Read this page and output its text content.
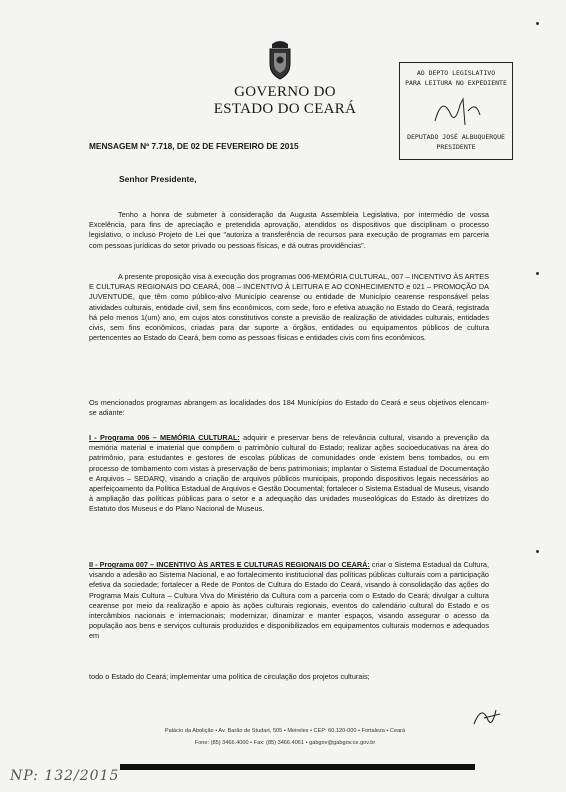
GOVERNO DO
ESTADO DO CEARÁ
AO DEPTO LEGISLATIVO
PARA LEITURA NO EXPEDIENTE
DEPUTADO JOSÉ ALBUQUERQUE
PRESIDENTE
MENSAGEM Nº 7.718, DE 02 DE FEVEREIRO DE 2015
Senhor Presidente,

Tenho a honra de submeter à consideração da Augusta Assembleia Legislativa, por intermédio de vossa Excelência, para fins de apreciação e pretendida aprovação, atendidos os dispositivos que disciplinam o processo legislativo, o incluso Projeto de Lei que "autoriza a transferência de recursos para execução de programas em parceria com pessoas jurídicas do setor privado ou pessoas físicas, e dá outras providências".

A presente proposição visa à execução dos programas 006-MEMÓRIA CULTURAL, 007 – INCENTIVO ÀS ARTES E CULTURAS REGIONAIS DO CEARÁ, 008 – INCENTIVO À LEITURA E AO CONHECIMENTO e 021 – PROMOÇÃO DA JUVENTUDE, que têm como público-alvo Município cearense ou entidade de Município cearense responsável pelas atividades culturais, entidade civil, sem fins econômicos, com sede, foro e efetiva atuação no Estado do Ceará, registrada há pelo menos 1(um) ano, em cujos atos constitutivos conste a previsão de realização de atividades culturais, entidades civis, sem fins econômicos, criadas para dar suporte a órgãos, entidades ou equipamentos públicos de cultura pertencentes ao Estado do Ceará, bem como as pessoas físicas e entidades civis com fins econômicos.

Os mencionados programas abrangem as localidades dos 184 Municípios do Estado do Ceará e seus objetivos elencam-se adiante:

I - Programa 006 – MEMÓRIA CULTURAL: adquirir e preservar bens de relevância cultural, visando a prevenção da memória material e imaterial que compõem o patrimônio cultural do Estado; realizar ações socioeducativas na área do patrimônio, para estudantes e gestores de escolas públicas de comunidades onde existem bens tombados, ou em processo de tombamento com vistas à preservação de bens patrimoniais; implantar o Sistema Estadual de Documentação e Arquivos – SEDARQ, visando a criação de arquivos públicos municipais, propondo dispositivos legais necessários ao aperfeiçoamento da Política Estadual de Arquivos e Gestão Documental; fortalecer o Sistema Estadual de Museus, visando à ampliação das políticas públicas para o setor e a adequação das unidades museológicas do Estado às diretrizes do Estatuto dos Museus e do Plano Nacional de Museus.

II - Programa 007 – INCENTIVO ÀS ARTES E CULTURAS REGIONAIS DO CEARÁ: criar o Sistema Estadual da Cultura, visando a adesão ao Sistema Nacional, e ao fortalecimento institucional das políticas públicas culturais com a participação efetiva da sociedade; fortalecer a Rede de Pontos de Cultura do Estado do Ceará, visando à consolidação das ações do Programa Mais Cultura – Cultura Viva do Ministério da Cultura com a parceria com o Estado do Ceará; divulgar a cultura cearense por meio da realização e apoio às ações culturais regionais, eventos do calendário cultural do Estado e os intercâmbios nacionais e internacionais; modernizar, dinamizar e manter espaços, visando assegurar o acesso da população aos bens e serviços culturais produzidos e disponibilizados em equipamentos culturais modernos e adequados em

todo o Estado do Ceará; implementar uma política de circulação dos projetos culturais;

Palácio da Abolição • Av. Barão de Studart, 505 • Meireles • CEP: 60.120-000 • Fortaleza • Ceará
Fone: (85) 3466.4000 • Fax: (85) 3466.4061 • gabgov@gabgov.ce.gov.br
NP: 132/2015
